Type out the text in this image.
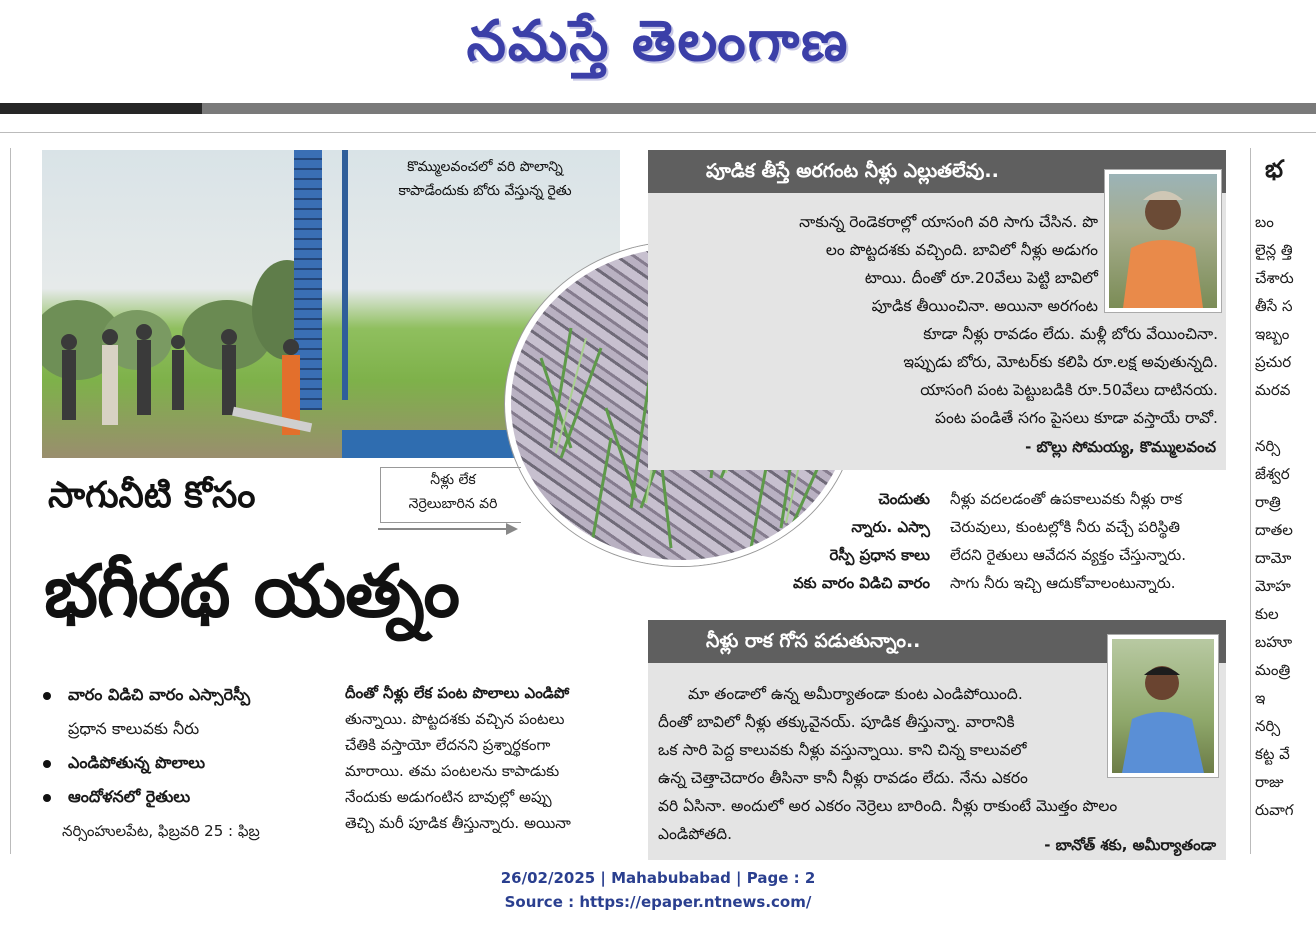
నమస్తే తెలంగాణ
కొమ్ములవంచలో వరి పొలాన్ని
కాపాడేందుకు బోరు వేస్తున్న రైతు
నీళ్లు లేక
నెర్రెలుబారిన వరి
సాగునీటి కోసం
భగీరథ యత్నం
వారం విడిచి వారం ఎస్సారెస్పీ
ప్రధాన కాలువకు నీరు
ఎండిపోతున్న పొలాలు
ఆందోళనలో రైతులు
నర్సింహులపేట, ఫిబ్రవరి 25 : ఫిబ్ర
దీంతో నీళ్లు లేక పంట పొలాలు ఎండిపో
తున్నాయి. పొట్టదశకు వచ్చిన పంటలు
చేతికి వస్తాయో లేదనని ప్రశ్నార్థకంగా
మారాయి. తమ పంటలను కాపాడుకు
నేందుకు అడుగంటిన బావుల్లో అప్పు
తెచ్చి మరీ పూడిక తీస్తున్నారు. అయినా
పూడిక తీస్తే అరగంట నీళ్లు ఎల్లుతలేవు..
నాకున్న రెండెకరాల్లో యాసంగి వరి సాగు చేసిన. పొ
లం పొట్టదశకు వచ్చింది. బావిలో నీళ్లు అడుగం
టాయి. దీంతో రూ.20వేలు పెట్టి బావిలో
పూడిక తీయించినా. అయినా అరగంట
కూడా నీళ్లు రావడం లేదు. మళ్లీ బోరు వేయించినా.
ఇప్పుడు బోరు, మోటర్‌కు కలిపి రూ.లక్ష అవుతున్నది.
యాసంగి పంట పెట్టుబడికి రూ.50వేలు దాటినయ.
పంట పండితే సగం పైసలు కూడా వస్తాయే రావో.
- బొల్లు సోమయ్య, కొమ్ములవంచ
చెందుతు
న్నారు. ఎస్సా
రెస్పీ ప్రధాన కాలు
వకు వారం విడిచి వారం
నీళ్లు వదలడంతో ఉపకాలువకు నీళ్లు రాక
చెరువులు, కుంటల్లోకి నీరు వచ్చే పరిస్థితి
లేదని రైతులు ఆవేదన వ్యక్తం చేస్తున్నారు.
సాగు నీరు ఇచ్చి ఆదుకోవాలంటున్నారు.
నీళ్లు రాక గోస పడుతున్నాం..
మా తండాలో ఉన్న అమీర్యాతండా కుంట ఎండిపోయింది.
దీంతో బావిలో నీళ్లు తక్కువైనయ్. పూడిక తీస్తున్నా. వారానికి
ఒక సారి పెద్ద కాలువకు నీళ్లు వస్తున్నాయి. కాని చిన్న కాలువలో
ఉన్న చెత్తాచెదారం తీసినా కానీ నీళ్లు రావడం లేదు. నేను ఎకరం
వరి ఏసినా. అందులో అర ఎకరం నెర్రెలు బారింది. నీళ్లు రాకుంటే మొత్తం పొలం
ఎండిపోతది.
- బానోత్ శకు, అమీర్యాతండా
భ
బం
లైన్ల త్తి
చేశారు
తీసే స
ఇబ్బం
ప్రచుర
మరవ
నర్సి
జేశ్వర
రాత్రి
దాతల
దామో
మోహ
కుల
బహూ
మంత్రి
ఇ
నర్సి
కట్ట వే
రాజు
రువాగ
26/02/2025 | Mahabubabad | Page : 2
Source : https://epaper.ntnews.com/
